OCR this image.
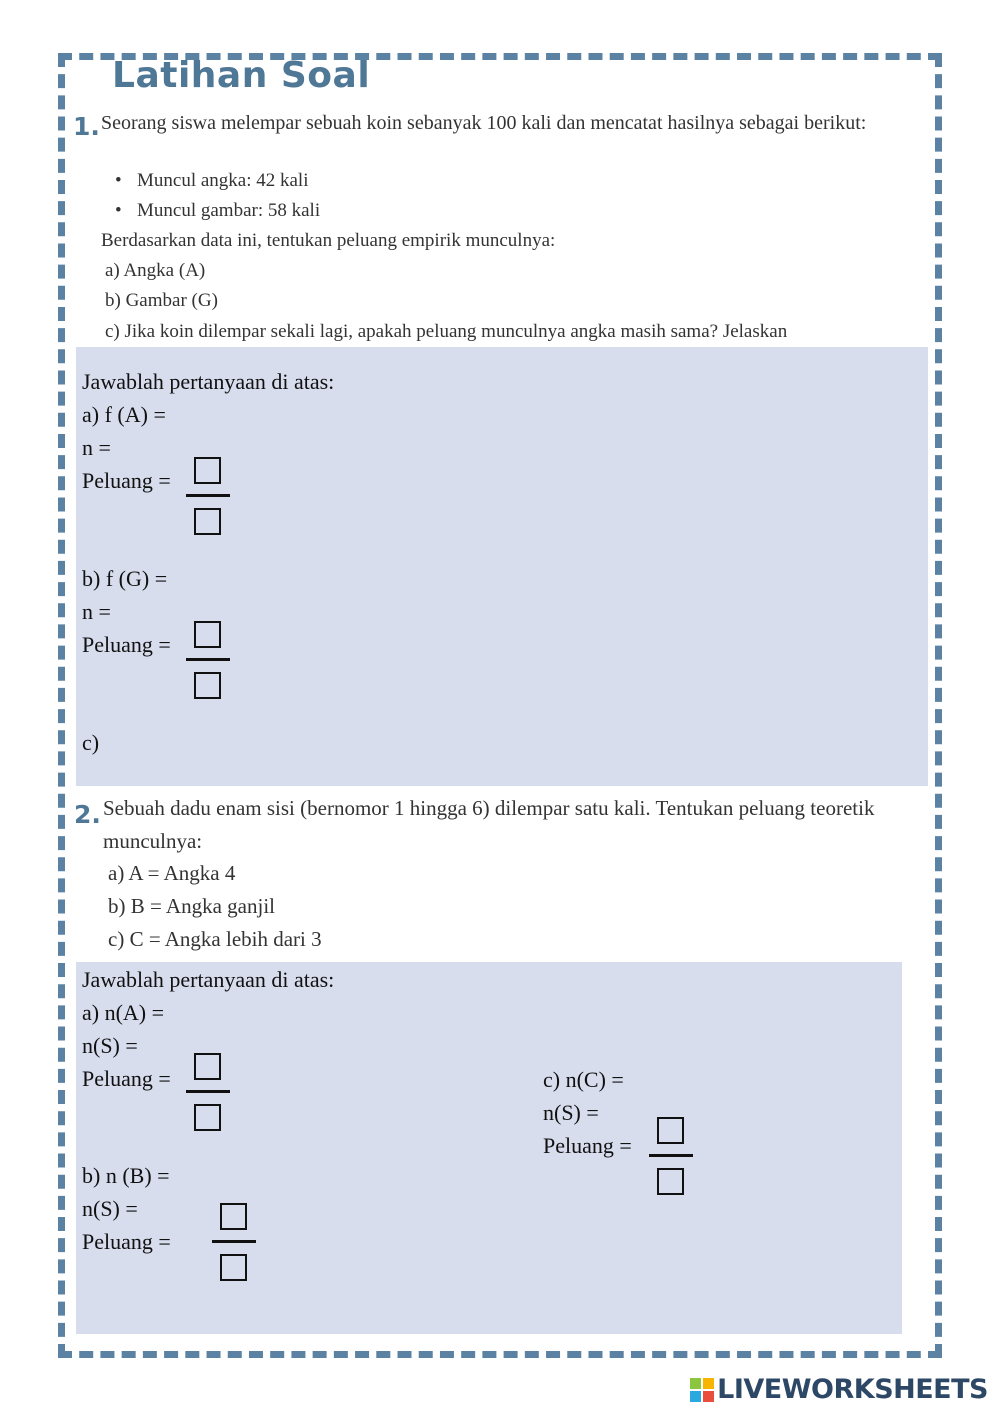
Latihan Soal
1. Seorang siswa melempar sebuah koin sebanyak 100 kali dan mencatat hasilnya sebagai berikut:
• Muncul angka: 42 kali
• Muncul gambar: 58 kali
Berdasarkan data ini, tentukan peluang empirik munculnya:
a) Angka (A)
b) Gambar (G)
c) Jika koin dilempar sekali lagi, apakah peluang munculnya angka masih sama? Jelaskan
Jawablah pertanyaan di atas:
a) f (A) =
n =
Peluang =
b) f (G) =
n =
Peluang =
c)
2. Sebuah dadu enam sisi (bernomor 1 hingga 6) dilempar satu kali. Tentukan peluang teoretik munculnya:
a) A = Angka 4
b) B = Angka ganjil
c) C = Angka lebih dari 3
Jawablah pertanyaan di atas:
a) n(A) =
n(S) =
Peluang =
b) n (B) =
n(S) =
Peluang =
c) n(C) =
n(S) =
Peluang =
LIVEWORKSHEETS
